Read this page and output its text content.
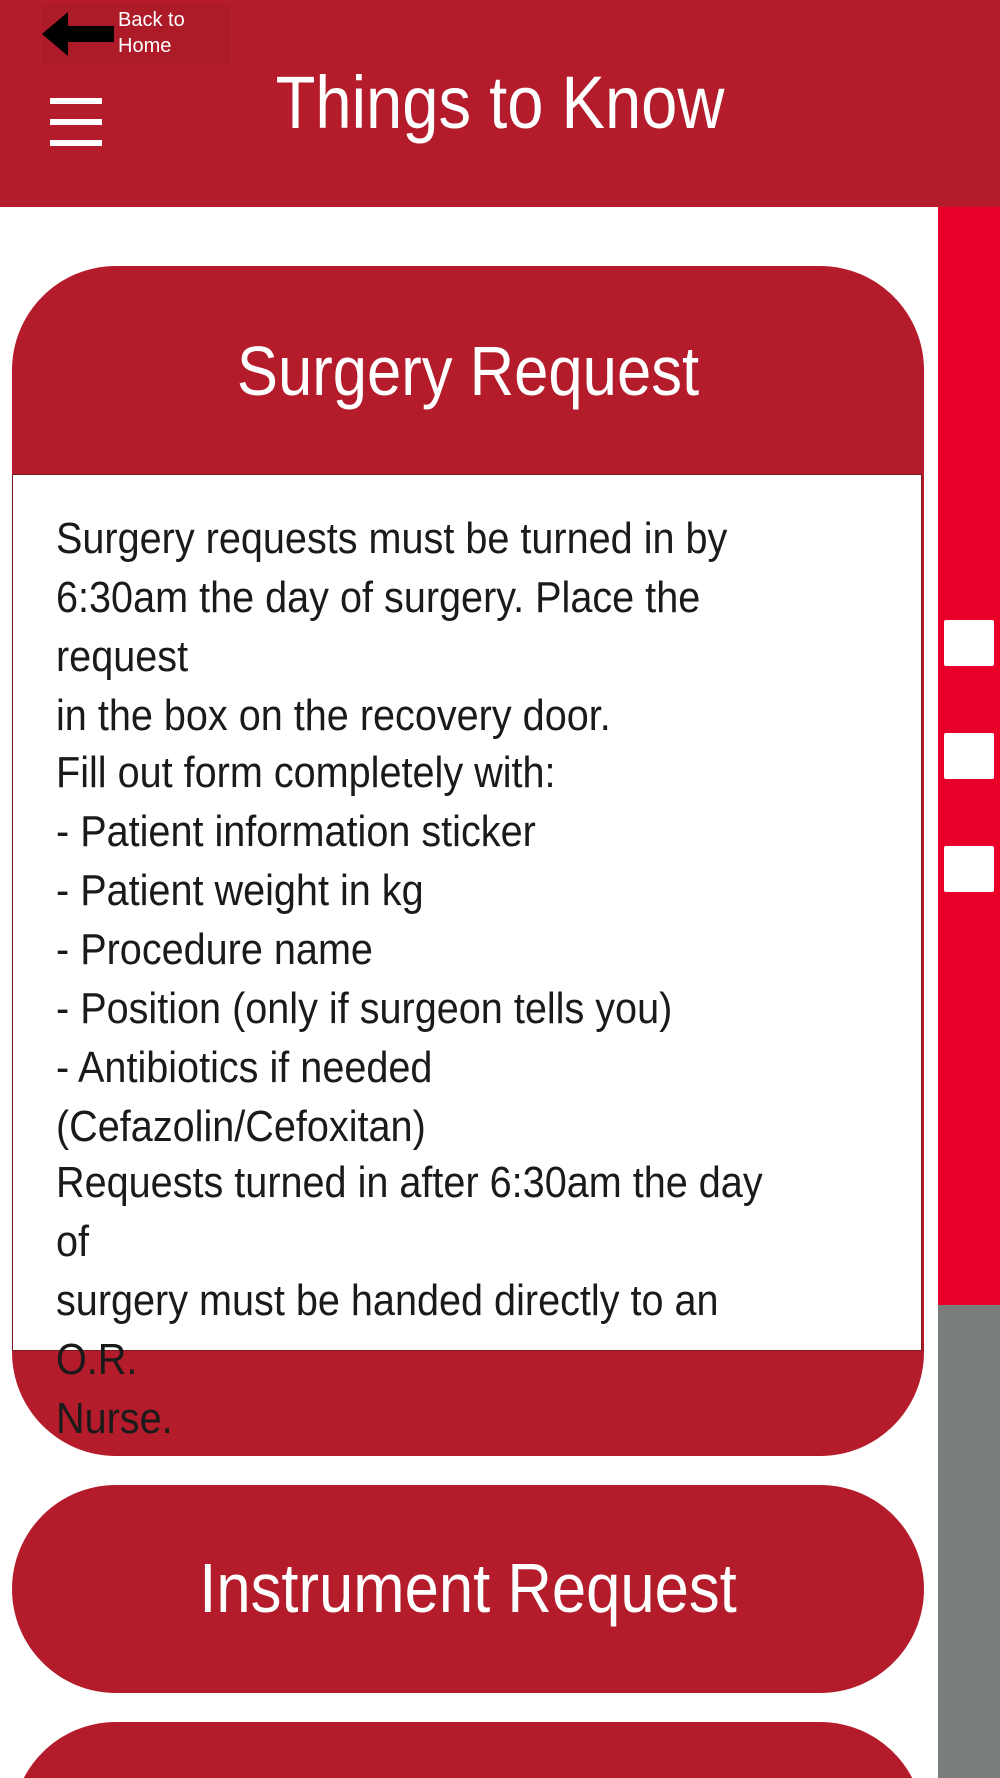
Back to
Home
Things to Know
Surgery Request
Surgery requests must be turned in by
6:30am the day of surgery. Place the request
in the box on the recovery door.
Fill out form completely with:
- Patient information sticker
- Patient weight in kg
- Procedure name
- Position (only if surgeon tells you)
- Antibiotics if needed (Cefazolin/Cefoxitan)
Requests turned in after 6:30am the day of
surgery must be handed directly to an O.R.
Nurse.
Instrument Request
